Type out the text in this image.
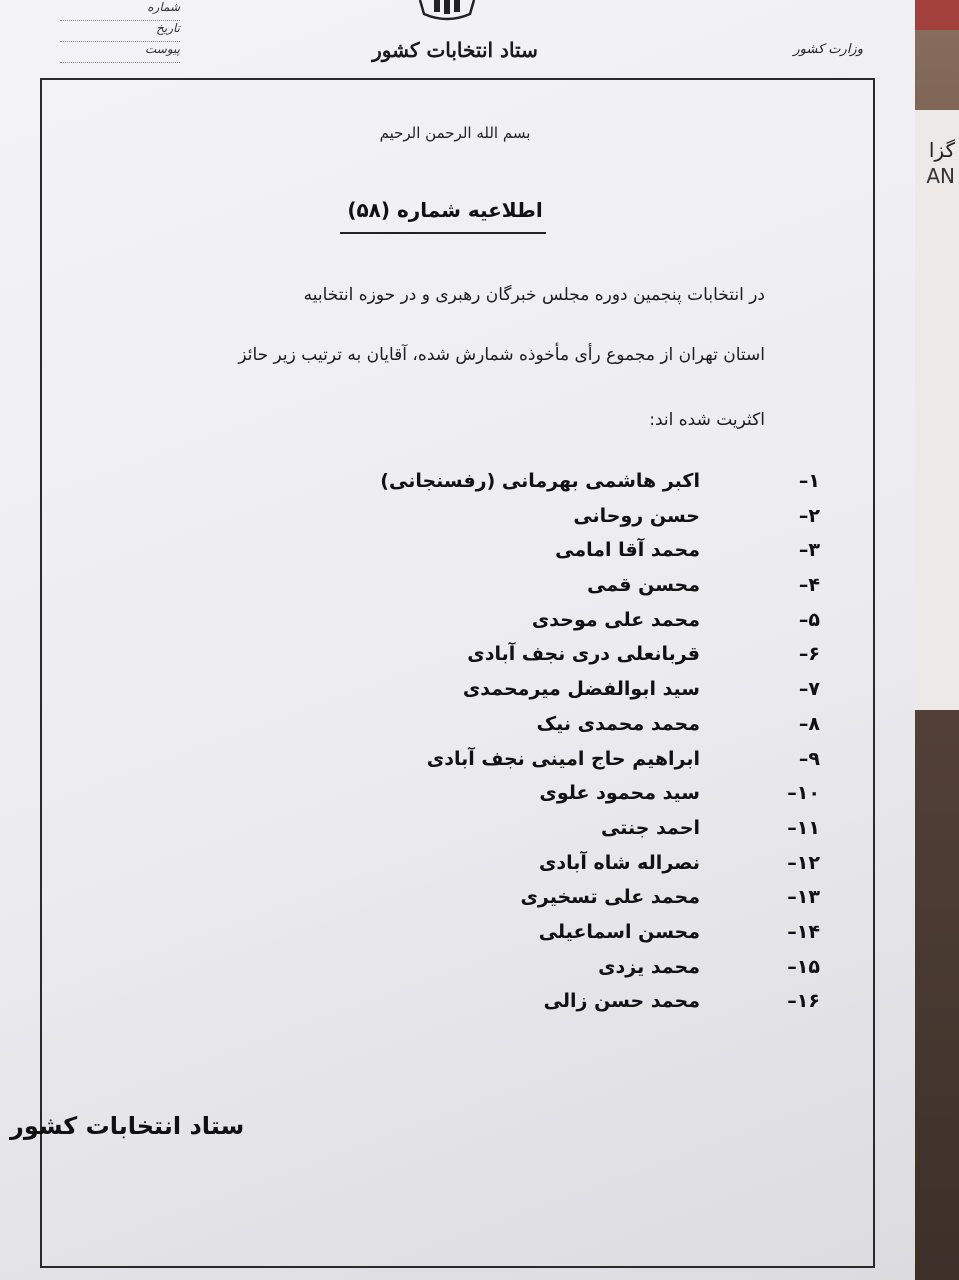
گزا
AN
شماره
تاریخ
پیوست	ستاد انتخابات کشور	وزارت کشور
بسم الله الرحمن الرحیم
اطلاعیه شماره (۵۸)
در انتخابات پنجمین دوره مجلس خبرگان رهبری و در حوزه انتخابیه
استان تهران از مجموع رأی مأخوذه شمارش شده، آقایان به ترتیب زیر حائز
اکثریت شده اند:
۱–
اکبر هاشمی بهرمانی (رفسنجانی)
۲–
حسن روحانی
۳–
محمد آقا امامی
۴–
محسن قمی
۵–
محمد علی موحدی
۶–
قربانعلی دری نجف آبادی
۷–
سید ابوالفضل میرمحمدی
۸–
محمد محمدی نیک
۹–
ابراهیم حاج امینی نجف آبادی
۱۰–
سید محمود علوی
۱۱–
احمد جنتی
۱۲–
نصراله شاه آبادی
۱۳–
محمد علی تسخیری
۱۴–
محسن اسماعیلی
۱۵–
محمد یزدی
۱۶–
محمد حسن زالی
ستاد انتخابات کشور
